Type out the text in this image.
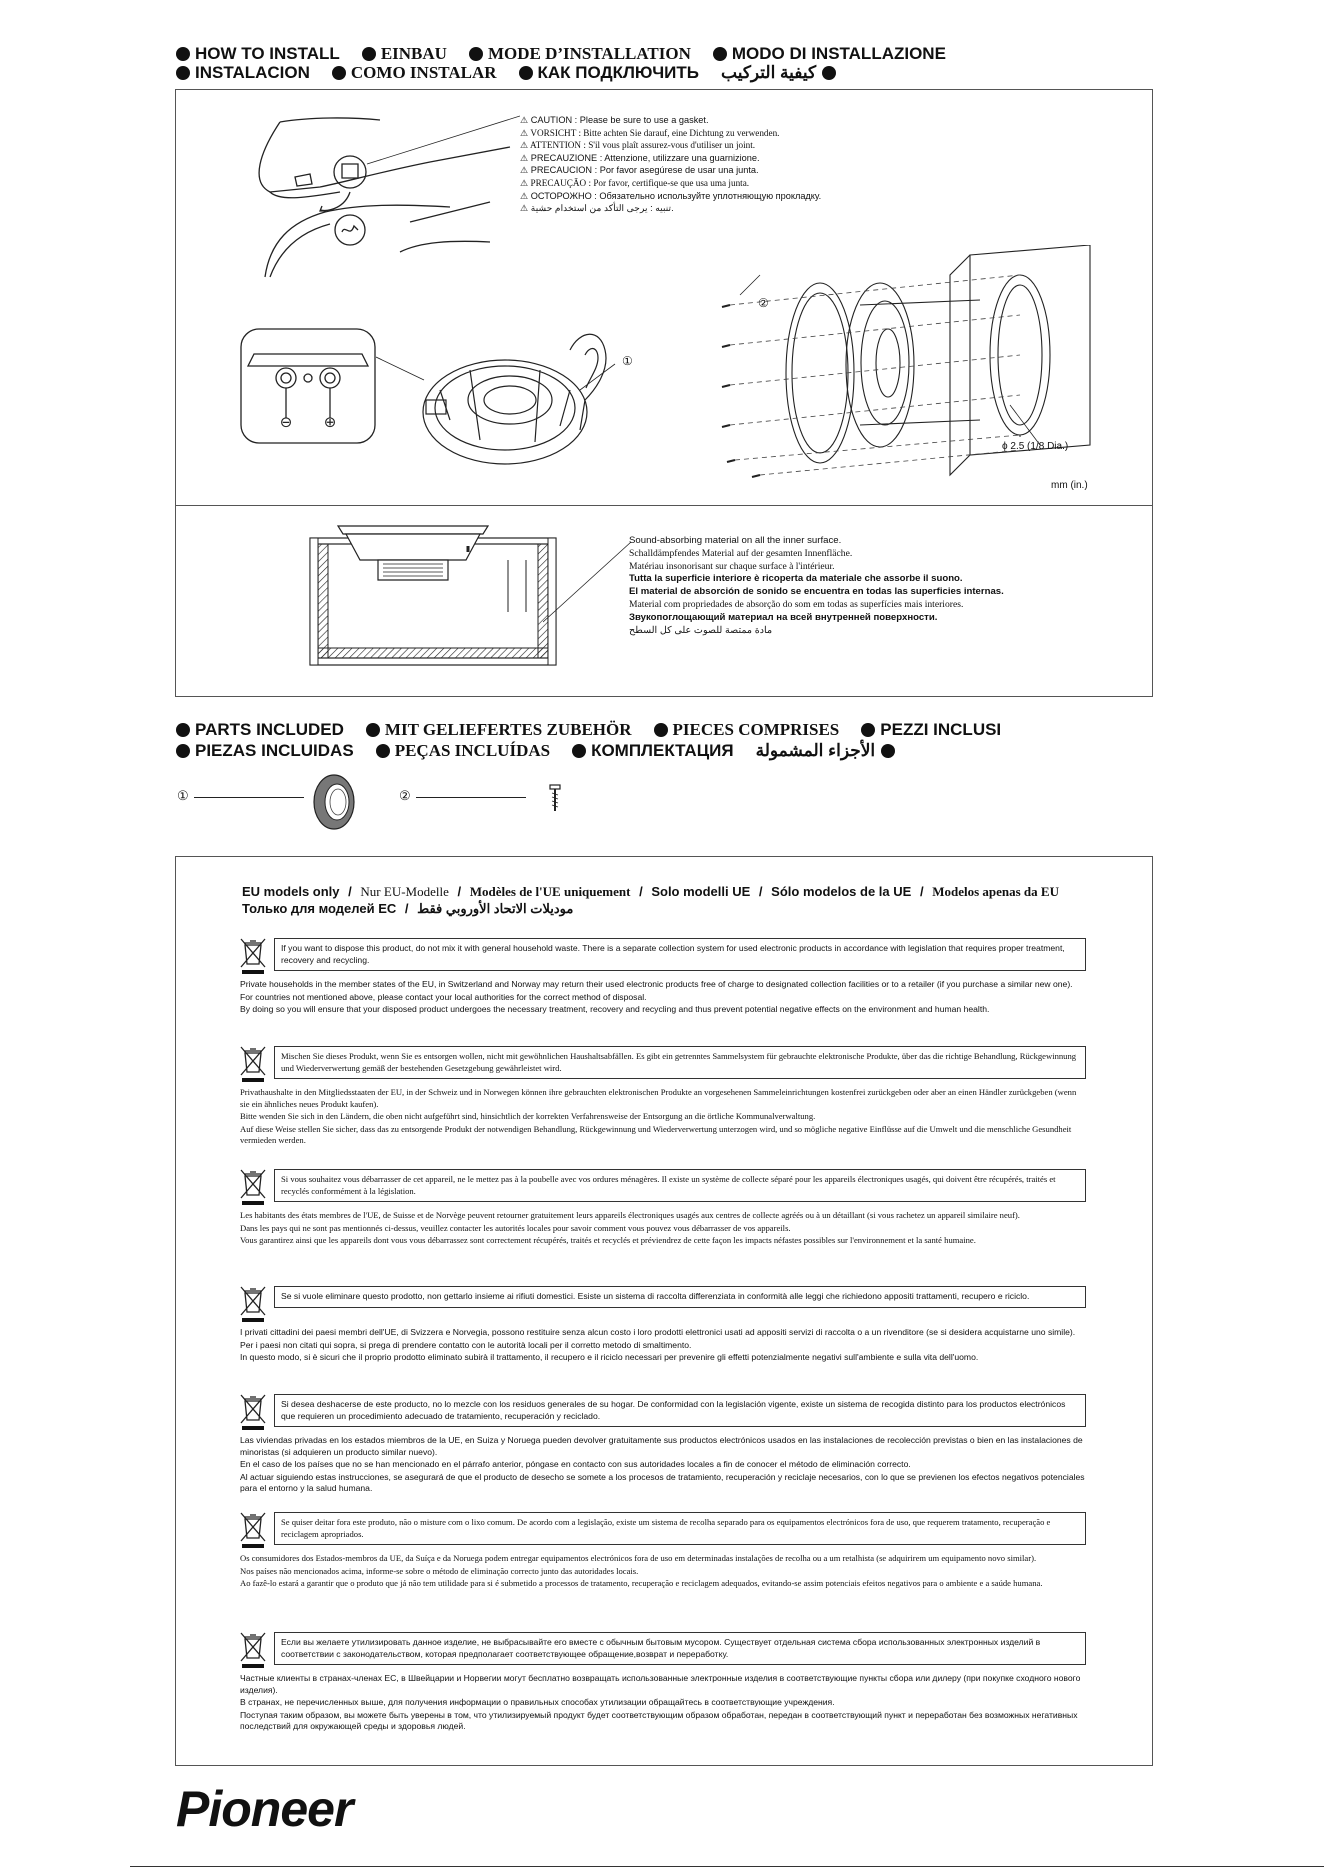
HOW TO INSTALL EINBAU MODE D’INSTALLATION MODO DI INSTALLAZIONE
INSTALACION COMO INSTALAR КАК ПОДКЛЮЧИТЬ كيفية التركيب
⚠ CAUTION : Please be sure to use a gasket.
⚠ VORSICHT : Bitte achten Sie darauf, eine Dichtung zu verwenden.
⚠ ATTENTION : S'il vous plaît assurez-vous d'utiliser un joint.
⚠ PRECAUZIONE : Attenzione, utilizzare una guarnizione.
⚠ PRECAUCION : Por favor asegúrese de usar una junta.
⚠ PRECAUÇÃO : Por favor, certifique-se que usa uma junta.
⚠ ОСТОРОЖНО : Обязательно используйте уплотняющую прокладку.
⚠ تنبيه : يرجى التأكد من استخدام حشية.
⊖ ⊕
①
②
ϕ 2.5 (1/8 Dia.)
mm (in.)
Sound-absorbing material on all the inner surface.
Schalldämpfendes Material auf der gesamten Innenfläche.
Matériau insonorisant sur chaque surface à l'intérieur.
Tutta la superficie interiore è ricoperta da materiale che assorbe il suono.
El material de absorción de sonido se encuentra en todas las superficies internas.
Material com propriedades de absorção do som em todas as superfícies mais interiores.
Звукопоглощающий материал на всей внутренней поверхности.
مادة ممتصة للصوت على كل السطح
PARTS INCLUDED MIT GELIEFERTES ZUBEHÖR PIECES COMPRISES PEZZI INCLUSI
PIEZAS INCLUIDAS PEÇAS INCLUÍDAS КОМПЛЕКТАЦИЯ الأجزاء المشمولة
①	②
EU models only / Nur EU-Modelle / Modèles de l'UE uniquement / Solo modelli UE / Sólo modelos de la UE / Modelos apenas da EU
Только для моделей ЕС / موديلات الاتحاد الأوروبي فقط
If you want to dispose this product, do not mix it with general household waste. There is a separate collection system for used electronic products in accordance with legislation that requires proper treatment, recovery and recycling.

Private households in the member states of the EU, in Switzerland and Norway may return their used electronic products free of charge to designated collection facilities or to a retailer (if you purchase a similar new one).

For countries not mentioned above, please contact your local authorities for the correct method of disposal.

By doing so you will ensure that your disposed product undergoes the necessary treatment, recovery and recycling and thus prevent potential negative effects on the environment and human health.

Mischen Sie dieses Produkt, wenn Sie es entsorgen wollen, nicht mit gewöhnlichen Haushaltsabfällen. Es gibt ein getrenntes Sammelsystem für gebrauchte elektronische Produkte, über das die richtige Behandlung, Rückgewinnung und Wiederverwertung gemäß der bestehenden Gesetzgebung gewährleistet wird.

Privathaushalte in den Mitgliedsstaaten der EU, in der Schweiz und in Norwegen können ihre gebrauchten elektronischen Produkte an vorgesehenen Sammeleinrichtungen kostenfrei zurückgeben oder aber an einen Händler zurückgeben (wenn sie ein ähnliches neues Produkt kaufen).

Bitte wenden Sie sich in den Ländern, die oben nicht aufgeführt sind, hinsichtlich der korrekten Verfahrensweise der Entsorgung an die örtliche Kommunalverwaltung.

Auf diese Weise stellen Sie sicher, dass das zu entsorgende Produkt der notwendigen Behandlung, Rückgewinnung und Wiederverwertung unterzogen wird, und so mögliche negative Einflüsse auf die Umwelt und die menschliche Gesundheit vermieden werden.

Si vous souhaitez vous débarrasser de cet appareil, ne le mettez pas à la poubelle avec vos ordures ménagères. Il existe un système de collecte séparé pour les appareils électroniques usagés, qui doivent être récupérés, traités et recyclés conformément à la législation.

Les habitants des états membres de l'UE, de Suisse et de Norvège peuvent retourner gratuitement leurs appareils électroniques usagés aux centres de collecte agréés ou à un détaillant (si vous rachetez un appareil similaire neuf).

Dans les pays qui ne sont pas mentionnés ci-dessus, veuillez contacter les autorités locales pour savoir comment vous pouvez vous débarrasser de vos appareils.

Vous garantirez ainsi que les appareils dont vous vous débarrassez sont correctement récupérés, traités et recyclés et préviendrez de cette façon les impacts néfastes possibles sur l'environnement et la santé humaine.

Se si vuole eliminare questo prodotto, non gettarlo insieme ai rifiuti domestici. Esiste un sistema di raccolta differenziata in conformità alle leggi che richiedono appositi trattamenti, recupero e riciclo.

I privati cittadini dei paesi membri dell'UE, di Svizzera e Norvegia, possono restituire senza alcun costo i loro prodotti elettronici usati ad appositi servizi di raccolta o a un rivenditore (se si desidera acquistarne uno simile).

Per i paesi non citati qui sopra, si prega di prendere contatto con le autorità locali per il corretto metodo di smaltimento.

In questo modo, si è sicuri che il proprio prodotto eliminato subirà il trattamento, il recupero e il riciclo necessari per prevenire gli effetti potenzialmente negativi sull'ambiente e sulla vita dell'uomo.

Si desea deshacerse de este producto, no lo mezcle con los residuos generales de su hogar. De conformidad con la legislación vigente, existe un sistema de recogida distinto para los productos electrónicos que requieren un procedimiento adecuado de tratamiento, recuperación y reciclado.

Las viviendas privadas en los estados miembros de la UE, en Suiza y Noruega pueden devolver gratuitamente sus productos electrónicos usados en las instalaciones de recolección previstas o bien en las instalaciones de minoristas (si adquieren un producto similar nuevo).

En el caso de los países que no se han mencionado en el párrafo anterior, póngase en contacto con sus autoridades locales a fin de conocer el método de eliminación correcto.

Al actuar siguiendo estas instrucciones, se asegurará de que el producto de desecho se somete a los procesos de tratamiento, recuperación y reciclaje necesarios, con lo que se previenen los efectos negativos potenciales para el entorno y la salud humana.

Se quiser deitar fora este produto, não o misture com o lixo comum. De acordo com a legislação, existe um sistema de recolha separado para os equipamentos electrónicos fora de uso, que requerem tratamento, recuperação e reciclagem apropriados.

Os consumidores dos Estados-membros da UE, da Suíça e da Noruega podem entregar equipamentos electrónicos fora de uso em determinadas instalações de recolha ou a um retalhista (se adquirirem um equipamento novo similar).

Nos países não mencionados acima, informe-se sobre o método de eliminação correcto junto das autoridades locais.

Ao fazê-lo estará a garantir que o produto que já não tem utilidade para si é submetido a processos de tratamento, recuperação e reciclagem adequados, evitando-se assim potenciais efeitos negativos para o ambiente e a saúde humana.

Если вы желаете утилизировать данное изделие, не выбрасывайте его вместе с обычным бытовым мусором. Существует отдельная система сбора использованных электронных изделий в соответствии с законодательством, которая предполагает соответствующее обращение,возврат и переработку.

Частные клиенты в странах-членах ЕС, в Швейцарии и Норвегии могут бесплатно возвращать использованные электронные изделия в соответствующие пункты сбора или дилеру (при покупке сходного нового изделия).

В странах, не перечисленных выше, для получения информации о правильных способах утилизации обращайтесь в соответствующие учреждения.

Поступая таким образом, вы можете быть уверены в том, что утилизируемый продукт будет соответствующим образом обработан, передан в соответствующий пункт и переработан без возможных негативных последствий для окружающей среды и здоровья людей.

Pioneer
